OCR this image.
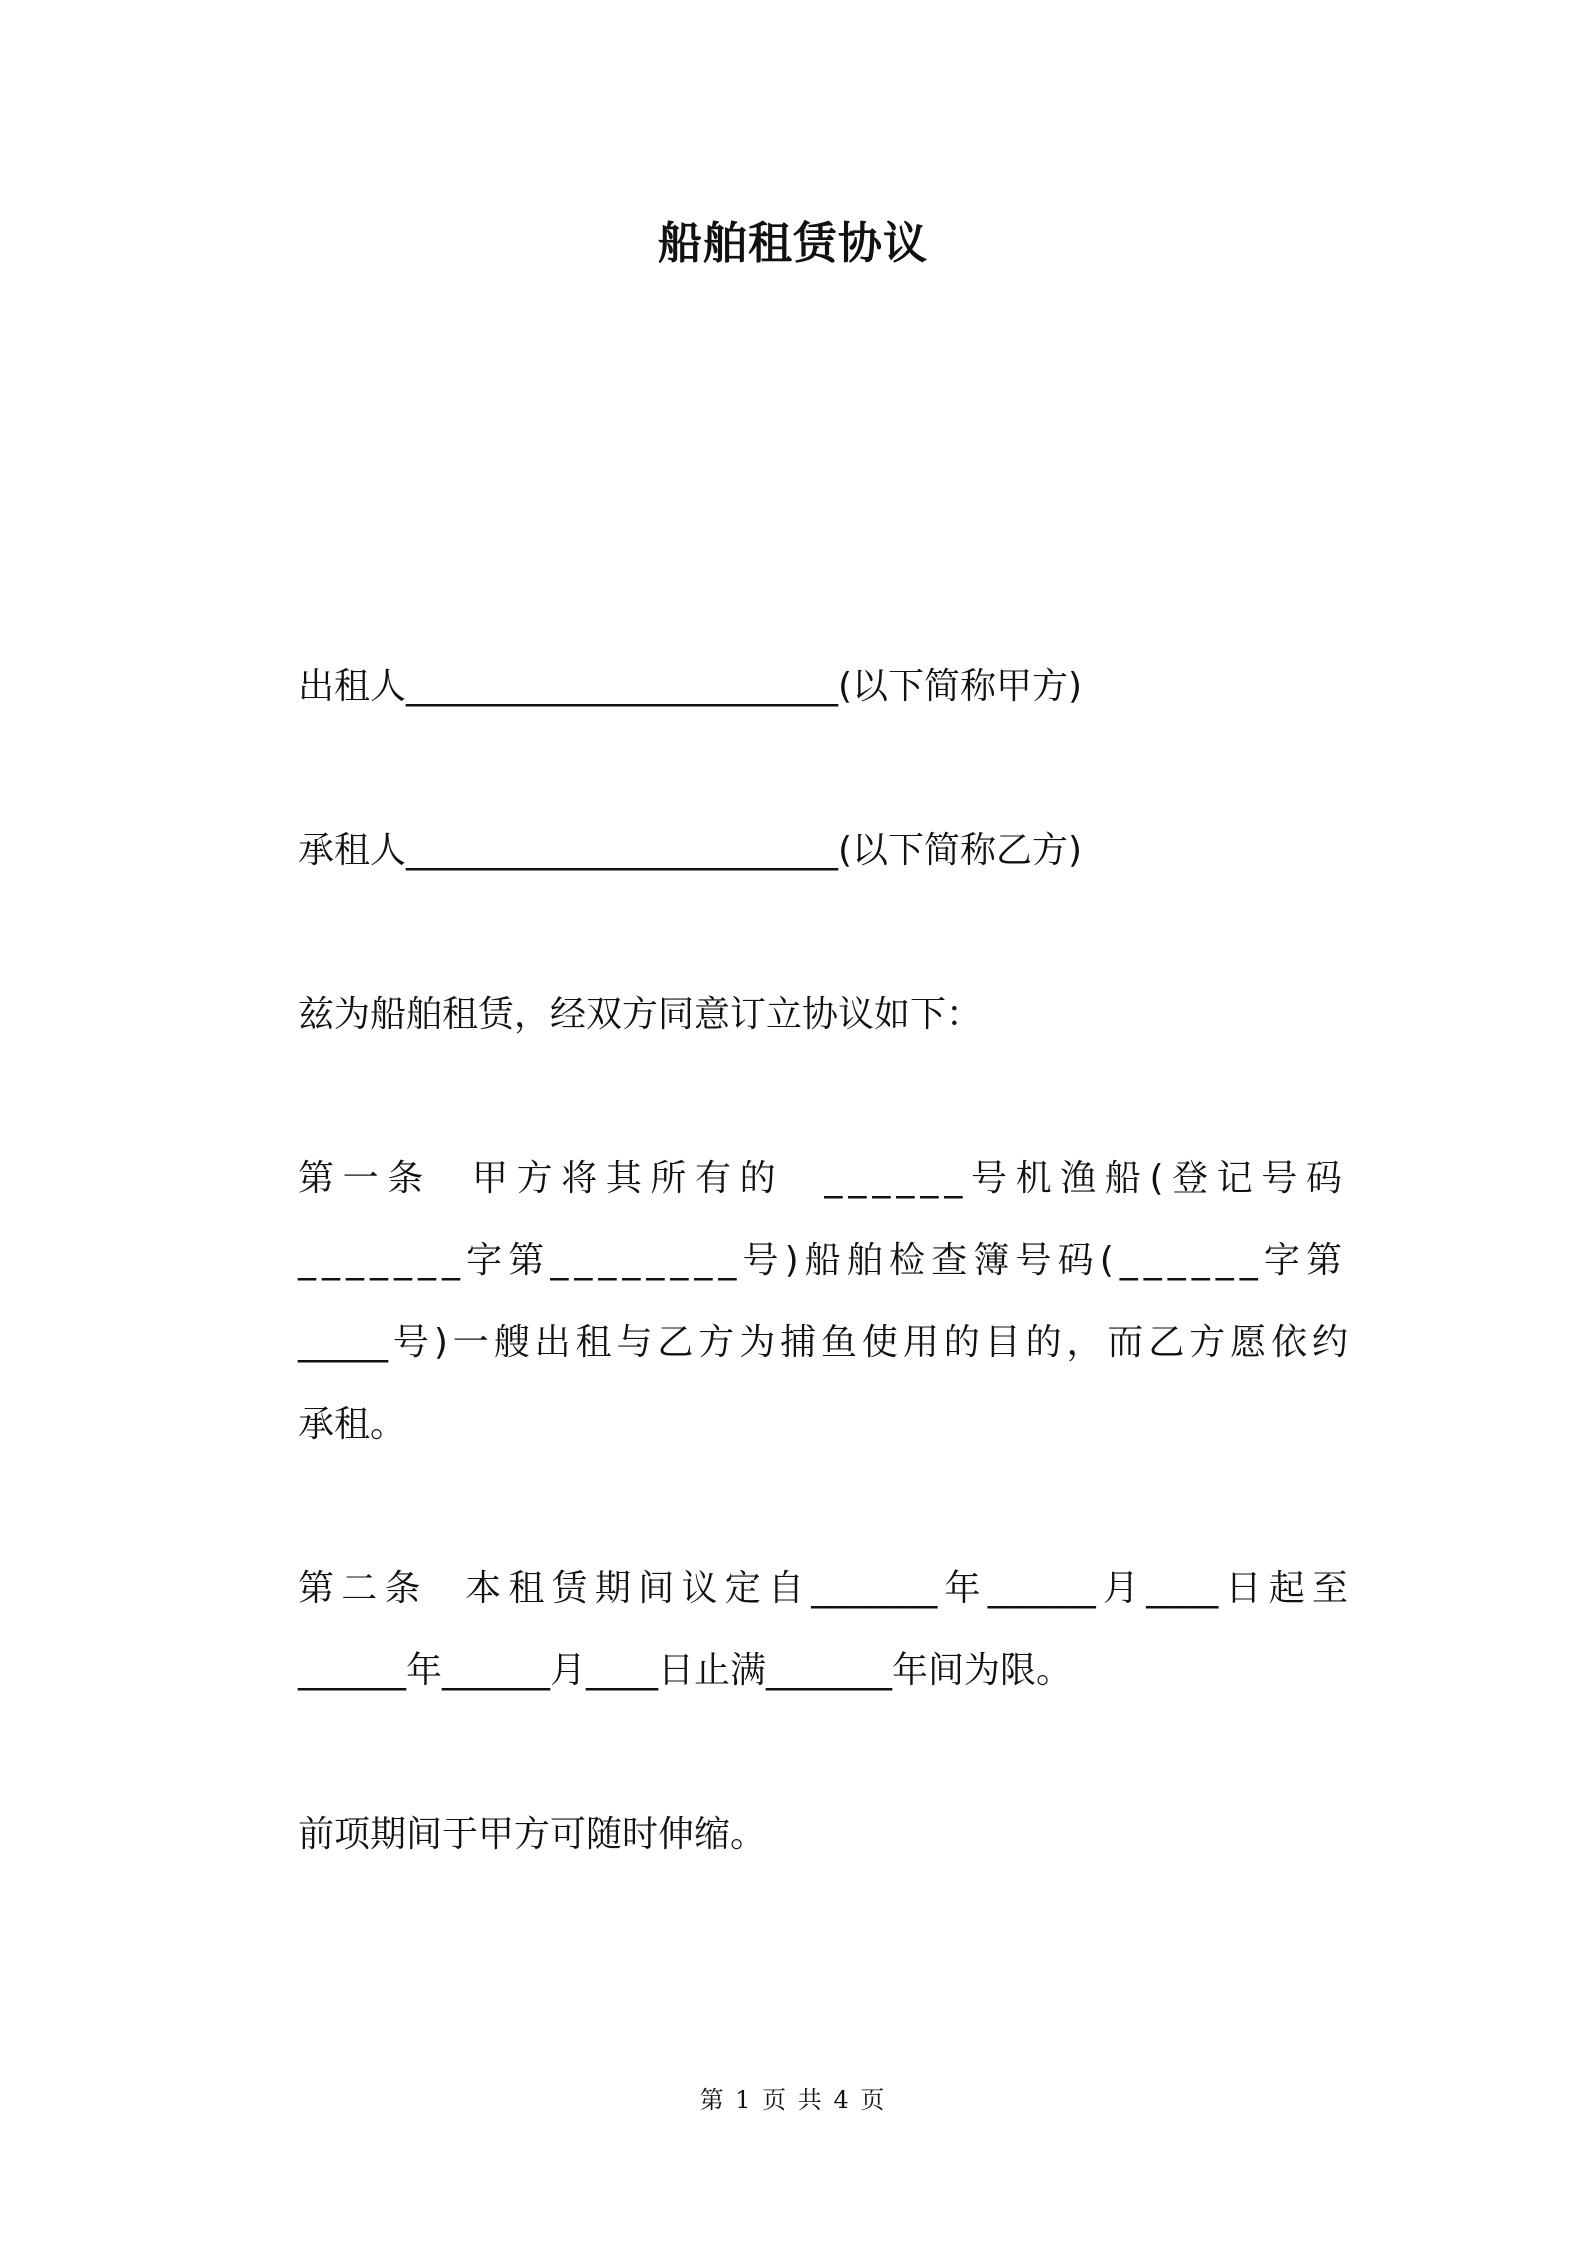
船舶租赁协议

出租人________________________(以下简称甲方)

承租人________________________(以下简称乙方)

兹为船舶租赁，经双方同意订立协议如下：

第一条  甲方将其所有的  ______号机渔船(登记号码

_______字第________号)船舶检查簿号码(______字第

_____号)一艘出租与乙方为捕鱼使用的目的，而乙方愿依约

承租。

第二条  本租赁期间议定自_______年______月____日起至

______年______月____日止满_______年间为限。

前项期间于甲方可随时伸缩。

第 1 页 共 4 页
